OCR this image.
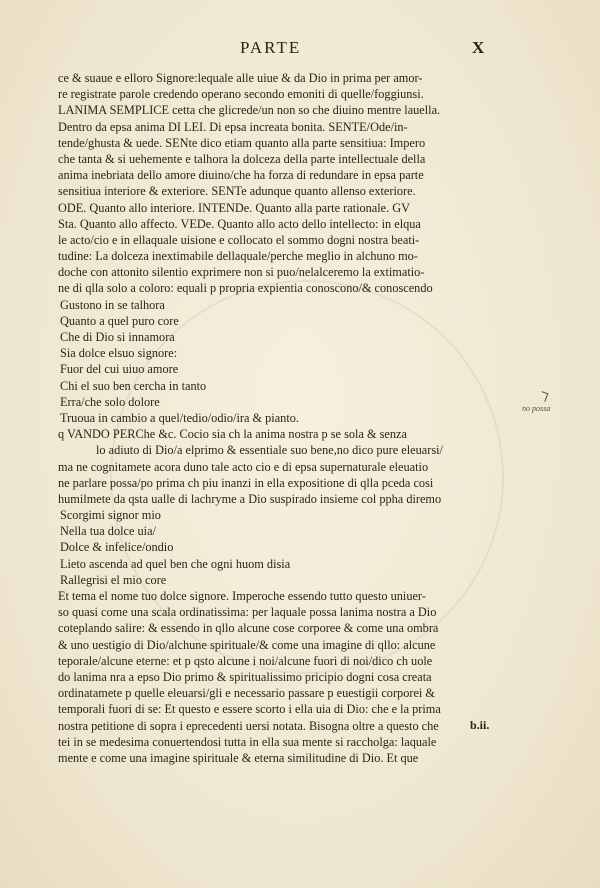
PARTE	X
ce & suaue e elloro Signore:lequale alle uiue & da Dio in prima per amor-
re registrate parole credendo operano secondo emoniti di quelle/foggiunsi.
LANIMA SEMPLICE cetta che glicrede/un non so che diuino mentre lauella.
Dentro da epsa anima DI LEI. Di epsa increata bonita. SENTE/Ode/in-
tende/ghusta & uede. SENte dico etiam quanto alla parte sensitiua: Impero
che tanta & si uehemente e talhora la dolceza della parte intellectuale della
anima inebriata dello amore diuino/che ha forza di redundare in epsa parte
sensitiua interiore & exteriore. SENTe adunque quanto allenso exteriore.
ODE. Quanto allo interiore. INTENDe. Quanto alla parte rationale. GV
Sta. Quanto allo affecto. VEDe. Quanto allo acto dello intellecto: in elqua
le acto/cio e in ellaquale uisione e collocato el sommo dogni nostra beati-
tudine: La dolceza inextimabile dellaquale/perche meglio in alchuno mo-
doche con attonito silentio exprimere non si puo/nelalceremo la extimatio-
ne di qlla solo a coloro: equali p propria expientia conoscono/& conoscendo
Gustono in se talhora
Quanto a quel puro core
Che di Dio si innamora
Sia dolce elsuo signore:
Fuor del cui uiuo amore
Chi el suo ben cercha in tanto
Erra/che solo dolore
Truoua in cambio a quel/tedio/odio/ira & pianto.
q VANDO PERChe &c. Cocio sia ch la anima nostra p se sola & senza
lo adiuto di Dio/a elprimo & essentiale suo bene,no dico pure eleuarsi/
ma ne cognitamete acora duno tale acto cio e di epsa supernaturale eleuatio
ne parlare possa/po prima ch piu inanzi in ella expositione di qlla pceda cosi
humilmete da qsta ualle di lachryme a Dio suspirado insieme col ppha diremo
Scorgimi signor mio
Nella tua dolce uia/
Dolce & infelice/ondio
Lieto ascenda ad quel ben che ogni huom disia
Rallegrisi el mio core
Et tema el nome tuo dolce signore. Imperoche essendo tutto questo uniuer-
so quasi come una scala ordinatissima: per laquale possa lanima nostra a Dio
coteplando salire: & essendo in qllo alcune cose corporee & come una ombra
& uno uestigio di Dio/alchune spirituale/& come una imagine di qllo: alcune
teporale/alcune eterne: et p qsto alcune i noi/alcune fuori di noi/dico ch uole
do lanima nra a epso Dio primo & spiritualissimo pricipio dogni cosa creata
ordinatamete p quelle eleuarsi/gli e necessario passare p euestigii corporei &
temporali fuori di se: Et questo e essere scorto i ella uia di Dio: che e la prima
nostra petitione di sopra i eprecedenti uersi notata. Bisogna oltre a questo che
tei in se medesima conuertendosi tutta in ella sua mente si raccholga: laquale
mente e come una imagine spirituale & eterna similitudine di Dio. Et que
no possa
b.ii.
